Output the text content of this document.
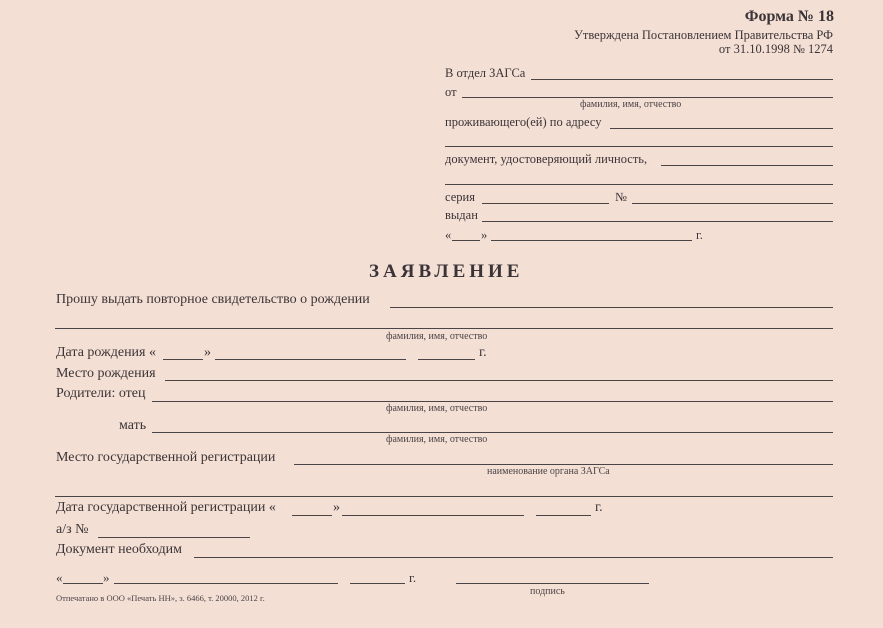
Форма № 18
Утверждена Постановлением Правительства РФ
от 31.10.1998 № 1274
В отдел ЗАГСа
от
фамилия, имя, отчество
проживающего(ей) по адресу
документ, удостоверяющий личность,
серия	№
выдан
« »	г.
ЗАЯВЛЕНИЕ
Прошу выдать повторное свидетельство о рождении
фамилия, имя, отчество
Дата рождения «	»	г.
Место рождения
Родители: отец
фамилия, имя, отчество
мать
фамилия, имя, отчество
Место государственной регистрации
наименование органа ЗАГСа
Дата государственной регистрации «	»	г.
а/з №
Документ необходим
«	»	г.
подпись
Отпечатано в ООО «Печать НН», з. 6466, т. 20000, 2012 г.
